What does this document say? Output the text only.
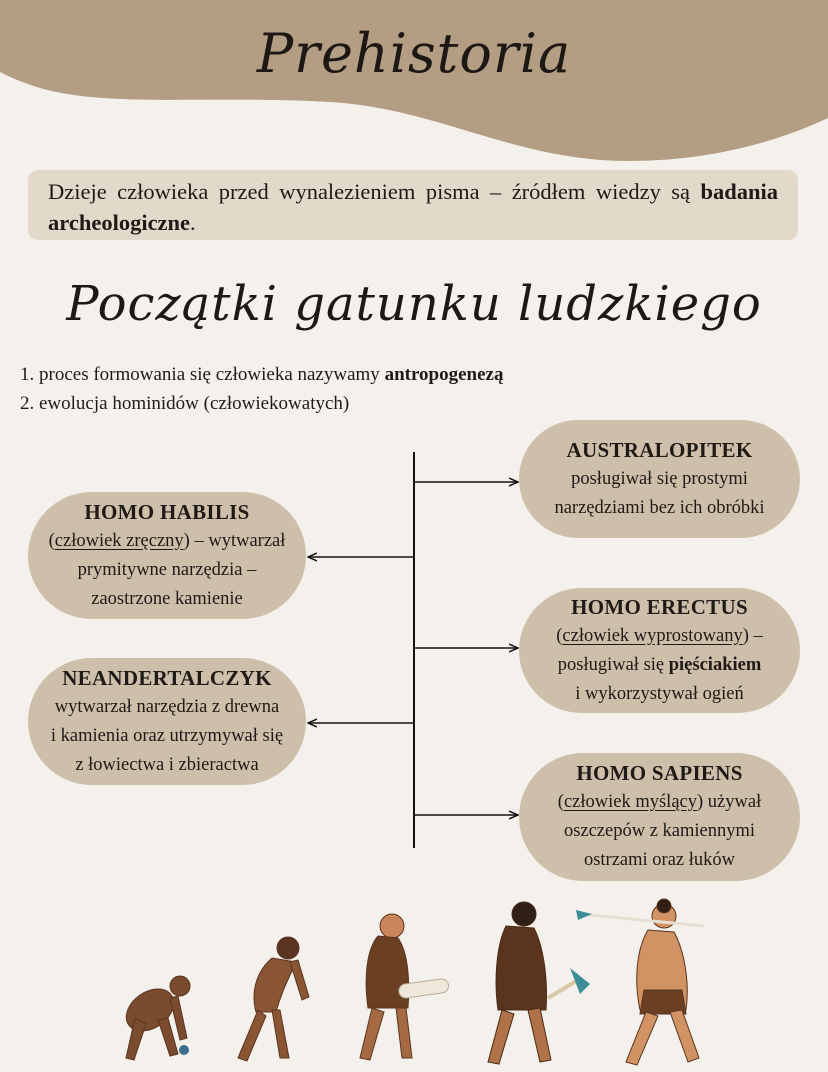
Prehistoria
Dzieje człowieka przed wynalezieniem pisma – źródłem wiedzy są badania archeologiczne.
Początki gatunku ludzkiego
1. proces formowania się człowieka nazywamy antropogenezą
2. ewolucja hominidów (człowiekowatych)
AUSTRALOPITEK
posługiwał się prostymi
narzędziami bez ich obróbki
HOMO HABILIS
(człowiek zręczny) – wytwarzał
prymitywne narzędzia –
zaostrzone kamienie	HOMO ERECTUS
(człowiek wyprostowany) –
posługiwał się pięściakiem
i wykorzystywał ogień
NEANDERTALCZYK
wytwarzał narzędzia z drewna
i kamienia oraz utrzymywał się
z łowiectwa i zbieractwa	HOMO SAPIENS
(człowiek myślący) używał
oszczepów z kamiennymi
ostrzami oraz łuków
